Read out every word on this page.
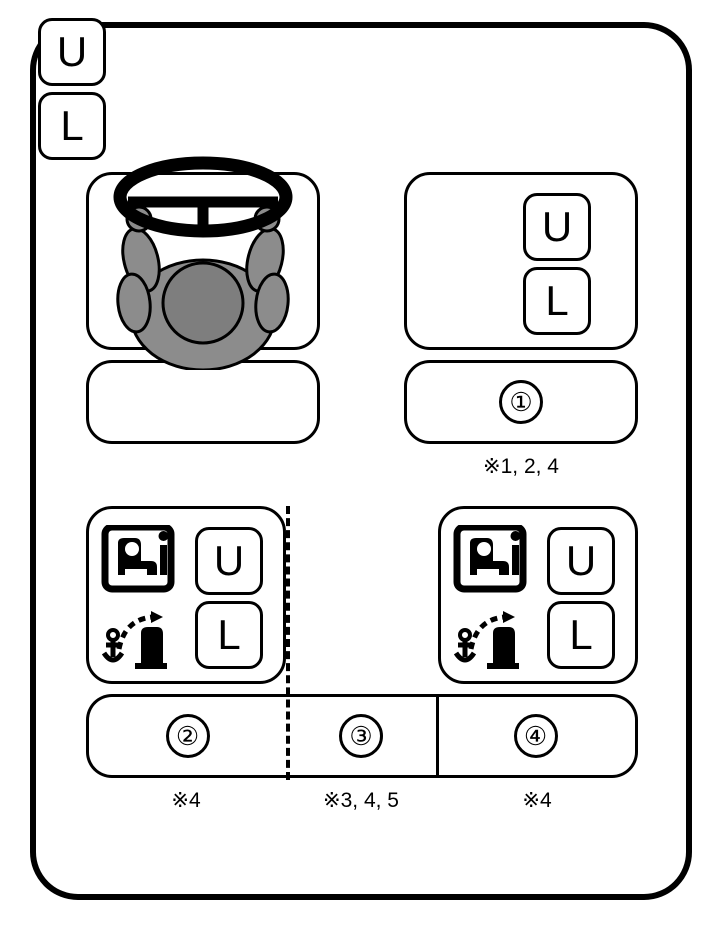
U
L
①
※1, 2, 4
U
L
U
L
U
L
②	③	④
※4	※3, 4, 5	※4
